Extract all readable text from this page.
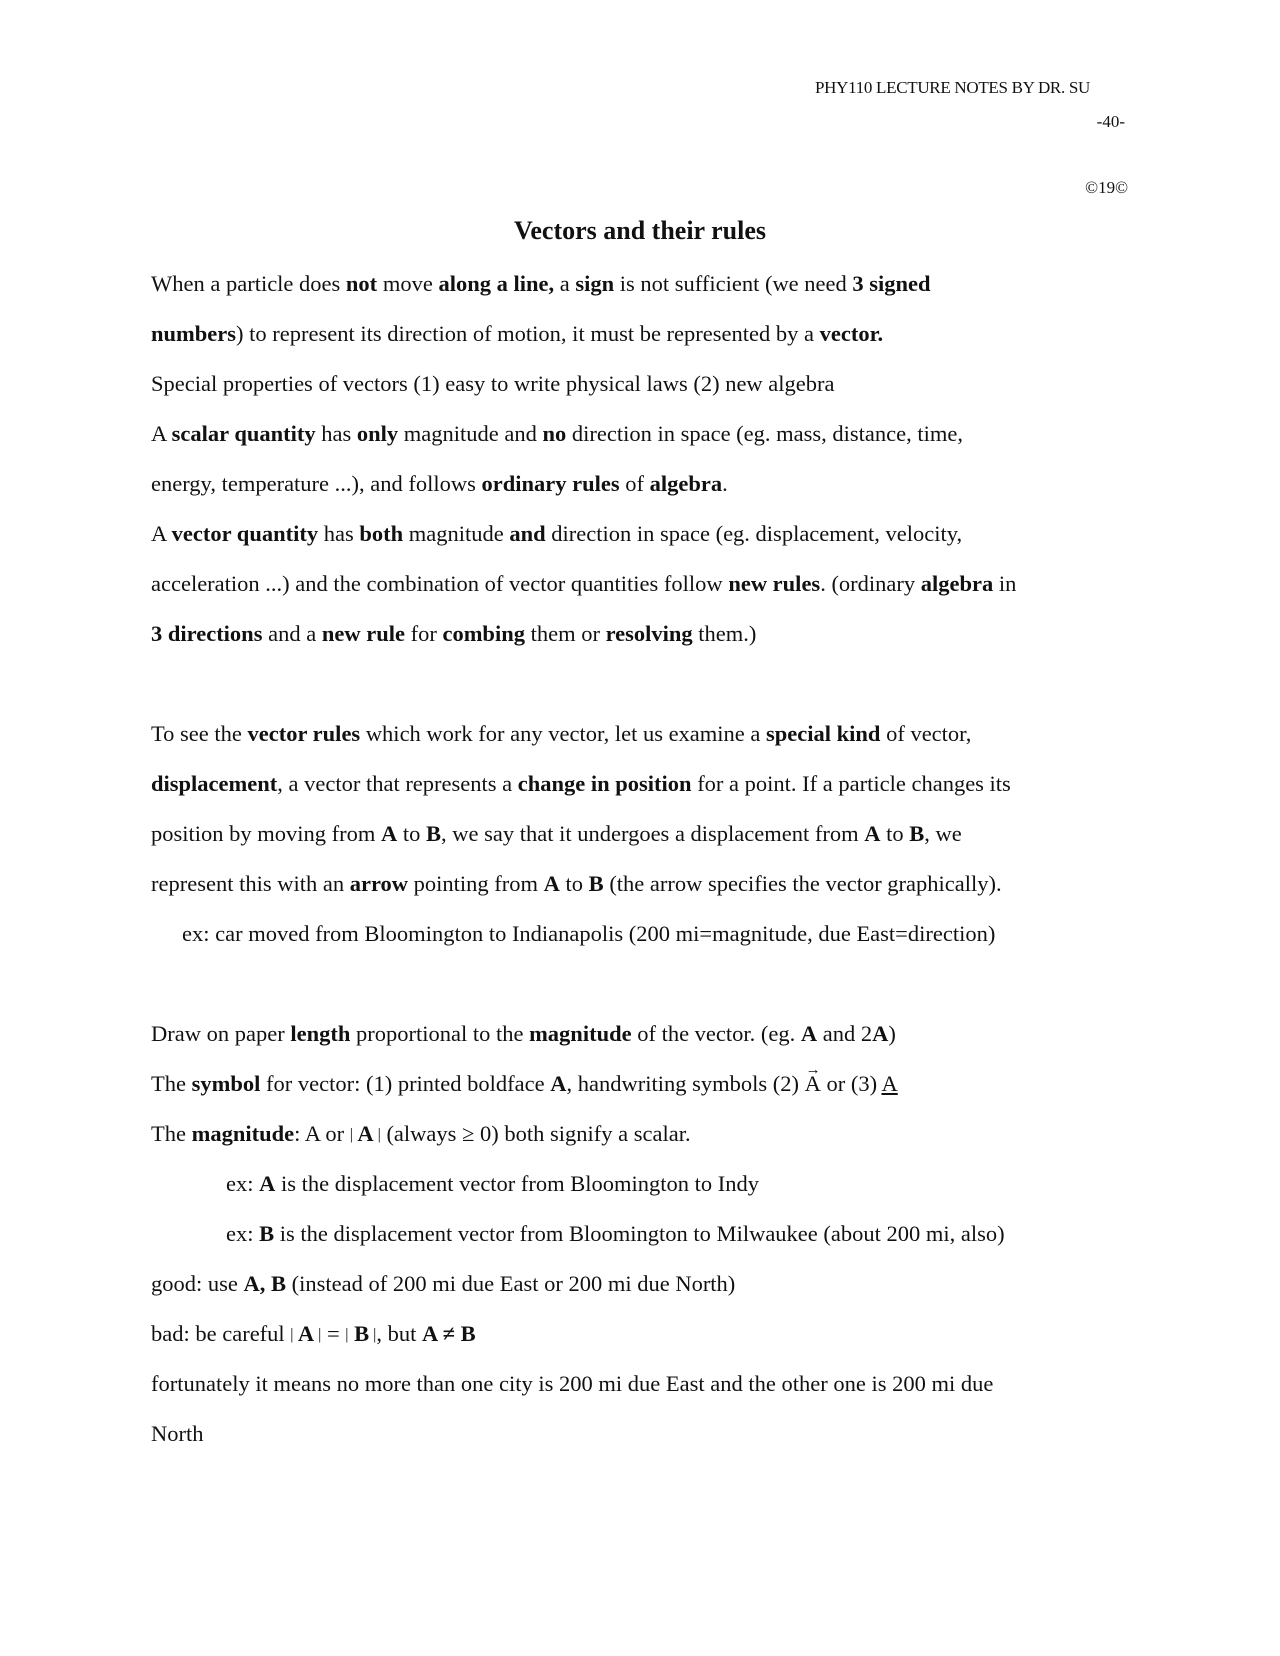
PHY110 LECTURE NOTES BY DR. SU
-40-
©19©
Vectors and their rules
When a particle does not move along a line, a sign is not sufficient (we need 3 signed
numbers) to represent its direction of motion, it must be represented by a vector.
Special properties of vectors (1) easy to write physical laws (2) new algebra
A scalar quantity has only magnitude and no direction in space (eg. mass, distance, time,
energy, temperature ...), and follows ordinary rules of algebra.
A vector quantity has both magnitude and direction in space (eg. displacement, velocity,
acceleration ...) and the combination of vector quantities follow new rules. (ordinary algebra in
3 directions and a new rule for combing them or resolving them.)
To see the vector rules which work for any vector, let us examine a special kind of vector,
displacement, a vector that represents a change in position for a point. If a particle changes its
position by moving from A to B, we say that it undergoes a displacement from A to B, we
represent this with an arrow pointing from A to B (the arrow specifies the vector graphically).
ex: car moved from Bloomington to Indianapolis (200 mi=magnitude, due East=direction)
Draw on paper length proportional to the magnitude of the vector. (eg. A and 2A)
The symbol for vector: (1) printed boldface A, handwriting symbols (2) → A or (3) A
The magnitude: A or | A | (always ≥ 0) both signify a scalar.
ex: A is the displacement vector from Bloomington to Indy
ex: B is the displacement vector from Bloomington to Milwaukee (about 200 mi, also)
good: use A, B (instead of 200 mi due East or 200 mi due North)
bad: be careful | A | = | B |, but A ≠ B
fortunately it means no more than one city is 200 mi due East and the other one is 200 mi due
North
